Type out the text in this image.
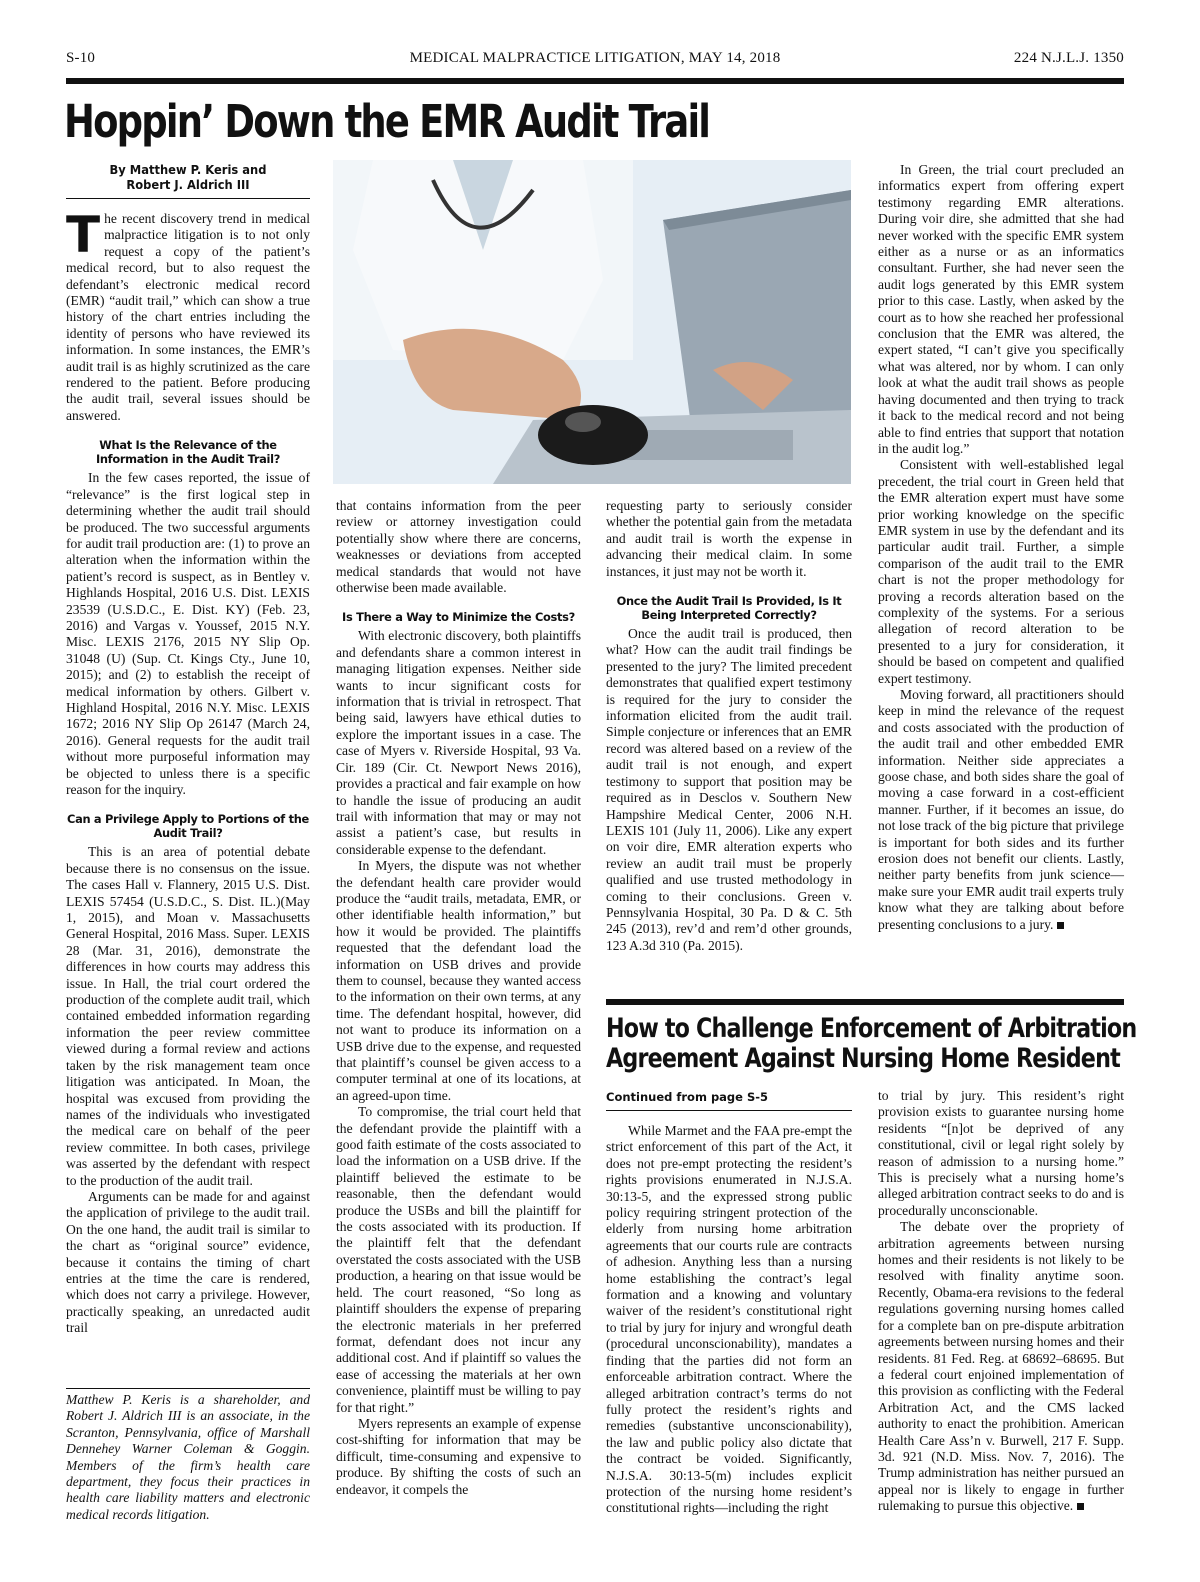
S-10	MEDICAL MALPRACTICE LITIGATION, MAY 14, 2018	224 N.J.L.J. 1350
Hoppin’ Down the EMR Audit Trail
By Matthew P. Keris and
Robert J. Aldrich III

The recent discovery trend in medical malpractice litigation is to not only request a copy of the patient’s medical record, but to also request the defendant’s electronic medical record (EMR) “audit trail,” which can show a true history of the chart entries including the identity of persons who have reviewed its information. In some instances, the EMR’s audit trail is as highly scrutinized as the care rendered to the patient. Before producing the audit trail, several issues should be answered.

What Is the Relevance of the Information in the Audit Trail?

In the few cases reported, the issue of “relevance” is the first logical step in determining whether the audit trail should be produced. The two successful arguments for audit trail production are: (1) to prove an alteration when the information within the patient’s record is suspect, as in Bentley v. Highlands Hospital, 2016 U.S. Dist. LEXIS 23539 (U.S.D.C., E. Dist. KY) (Feb. 23, 2016) and Vargas v. Youssef, 2015 N.Y. Misc. LEXIS 2176, 2015 NY Slip Op. 31048 (U) (Sup. Ct. Kings Cty., June 10, 2015); and (2) to establish the receipt of medical information by others. Gilbert v. Highland Hospital, 2016 N.Y. Misc. LEXIS 1672; 2016 NY Slip Op 26147 (March 24, 2016). General requests for the audit trail without more purposeful information may be objected to unless there is a specific reason for the inquiry.

Can a Privilege Apply to Portions of the Audit Trail?

This is an area of potential debate because there is no consensus on the issue. The cases Hall v. Flannery, 2015 U.S. Dist. LEXIS 57454 (U.S.D.C., S. Dist. IL.)(May 1, 2015), and Moan v. Massachusetts General Hospital, 2016 Mass. Super. LEXIS 28 (Mar. 31, 2016), demonstrate the differences in how courts may address this issue. In Hall, the trial court ordered the production of the complete audit trail, which contained embedded information regarding information the peer review committee viewed during a formal review and actions taken by the risk management team once litigation was anticipated. In Moan, the hospital was excused from providing the names of the individuals who investigated the medical care on behalf of the peer review committee. In both cases, privilege was asserted by the defendant with respect to the production of the audit trail.

Arguments can be made for and against the application of privilege to the audit trail. On the one hand, the audit trail is similar to the chart as “original source” evidence, because it contains the timing of chart entries at the time the care is rendered, which does not carry a privilege. However, practically speaking, an unredacted audit trail

Matthew P. Keris is a shareholder, and Robert J. Aldrich III is an associate, in the Scranton, Pennsylvania, office of Marshall Dennehey Warner Coleman & Goggin. Members of the firm’s health care department, they focus their practices in health care liability matters and electronic medical records litigation.

that contains information from the peer review or attorney investigation could potentially show where there are concerns, weaknesses or deviations from accepted medical standards that would not have otherwise been made available.

Is There a Way to Minimize the Costs?

With electronic discovery, both plaintiffs and defendants share a common interest in managing litigation expenses. Neither side wants to incur significant costs for information that is trivial in retrospect. That being said, lawyers have ethical duties to explore the important issues in a case. The case of Myers v. Riverside Hospital, 93 Va. Cir. 189 (Cir. Ct. Newport News 2016), provides a practical and fair example on how to handle the issue of producing an audit trail with information that may or may not assist a patient’s case, but results in considerable expense to the defendant.

In Myers, the dispute was not whether the defendant health care provider would produce the “audit trails, metadata, EMR, or other identifiable health information,” but how it would be provided. The plaintiffs requested that the defendant load the information on USB drives and provide them to counsel, because they wanted access to the information on their own terms, at any time. The defendant hospital, however, did not want to produce its information on a USB drive due to the expense, and requested that plaintiff’s counsel be given access to a computer terminal at one of its locations, at an agreed-upon time.

To compromise, the trial court held that the defendant provide the plaintiff with a good faith estimate of the costs associated to load the information on a USB drive. If the plaintiff believed the estimate to be reasonable, then the defendant would produce the USBs and bill the plaintiff for the costs associated with its production. If the plaintiff felt that the defendant overstated the costs associated with the USB production, a hearing on that issue would be held. The court reasoned, “So long as plaintiff shoulders the expense of preparing the electronic materials in her preferred format, defendant does not incur any additional cost. And if plaintiff so values the ease of accessing the materials at her own convenience, plaintiff must be willing to pay for that right.”

Myers represents an example of expense cost-shifting for information that may be difficult, time-consuming and expensive to produce. By shifting the costs of such an endeavor, it compels the

requesting party to seriously consider whether the potential gain from the metadata and audit trail is worth the expense in advancing their medical claim. In some instances, it just may not be worth it.

Once the Audit Trail Is Provided, Is It Being Interpreted Correctly?

Once the audit trail is produced, then what? How can the audit trail findings be presented to the jury? The limited precedent demonstrates that qualified expert testimony is required for the jury to consider the information elicited from the audit trail. Simple conjecture or inferences that an EMR record was altered based on a review of the audit trail is not enough, and expert testimony to support that position may be required as in Desclos v. Southern New Hampshire Medical Center, 2006 N.H. LEXIS 101 (July 11, 2006). Like any expert on voir dire, EMR alteration experts who review an audit trail must be properly qualified and use trusted methodology in coming to their conclusions. Green v. Pennsylvania Hospital, 30 Pa. D & C. 5th 245 (2013), rev’d and rem’d other grounds, 123 A.3d 310 (Pa. 2015).

In Green, the trial court precluded an informatics expert from offering expert testimony regarding EMR alterations. During voir dire, she admitted that she had never worked with the specific EMR system either as a nurse or as an informatics consultant. Further, she had never seen the audit logs generated by this EMR system prior to this case. Lastly, when asked by the court as to how she reached her professional conclusion that the EMR was altered, the expert stated, “I can’t give you specifically what was altered, nor by whom. I can only look at what the audit trail shows as people having documented and then trying to track it back to the medical record and not being able to find entries that support that notation in the audit log.”

Consistent with well-established legal precedent, the trial court in Green held that the EMR alteration expert must have some prior working knowledge on the specific EMR system in use by the defendant and its particular audit trail. Further, a simple comparison of the audit trail to the EMR chart is not the proper methodology for proving a records alteration based on the complexity of the systems. For a serious allegation of record alteration to be presented to a jury for consideration, it should be based on competent and qualified expert testimony.

Moving forward, all practitioners should keep in mind the relevance of the request and costs associated with the production of the audit trail and other embedded EMR information. Neither side appreciates a goose chase, and both sides share the goal of moving a case forward in a cost-efficient manner. Further, if it becomes an issue, do not lose track of the big picture that privilege is important for both sides and its further erosion does not benefit our clients. Lastly, neither party benefits from junk science—make sure your EMR audit trail experts truly know what they are talking about before presenting conclusions to a jury.

How to Challenge Enforcement of Arbitration
Agreement Against Nursing Home Resident
Continued from page S-5

While Marmet and the FAA pre-empt the strict enforcement of this part of the Act, it does not pre-empt protecting the resident’s rights provisions enumerated in N.J.S.A. 30:13-5, and the expressed strong public policy requiring stringent protection of the elderly from nursing home arbitration agreements that our courts rule are contracts of adhesion. Anything less than a nursing home establishing the contract’s legal formation and a knowing and voluntary waiver of the resident’s constitutional right to trial by jury for injury and wrongful death (procedural unconscionability), mandates a finding that the parties did not form an enforceable arbitration contract. Where the alleged arbitration contract’s terms do not fully protect the resident’s rights and remedies (substantive unconscionability), the law and public policy also dictate that the contract be voided. Significantly, N.J.S.A. 30:13-5(m) includes explicit protection of the nursing home resident’s constitutional rights—including the right

to trial by jury. This resident’s right provision exists to guarantee nursing home residents “[n]ot be deprived of any constitutional, civil or legal right solely by reason of admission to a nursing home.” This is precisely what a nursing home’s alleged arbitration contract seeks to do and is procedurally unconscionable.

The debate over the propriety of arbitration agreements between nursing homes and their residents is not likely to be resolved with finality anytime soon. Recently, Obama-era revisions to the federal regulations governing nursing homes called for a complete ban on pre-dispute arbitration agreements between nursing homes and their residents. 81 Fed. Reg. at 68692–68695. But a federal court enjoined implementation of this provision as conflicting with the Federal Arbitration Act, and the CMS lacked authority to enact the prohibition. American Health Care Ass’n v. Burwell, 217 F. Supp. 3d. 921 (N.D. Miss. Nov. 7, 2016). The Trump administration has neither pursued an appeal nor is likely to engage in further rulemaking to pursue this objective.
